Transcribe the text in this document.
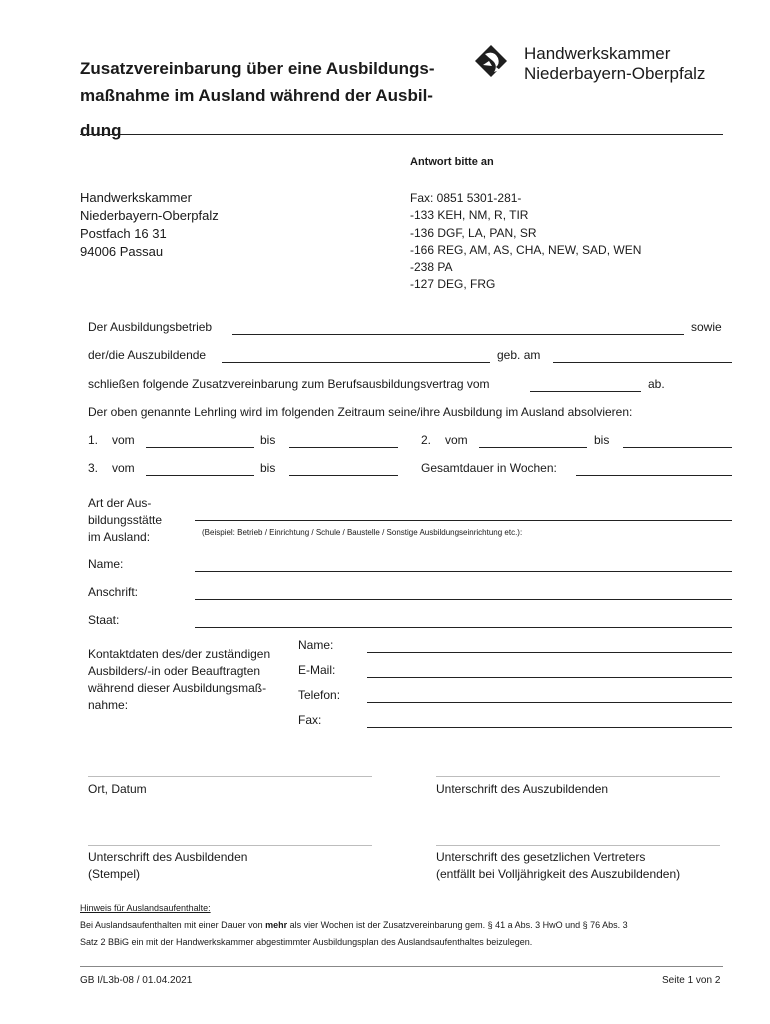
Zusatzvereinbarung über eine Ausbildungs-
maßnahme im Ausland während der Ausbil-
dung
Handwerkskammer
Niederbayern-Oberpfalz
Antwort bitte an
Handwerkskammer
Niederbayern-Oberpfalz
Postfach 16 31
94006 Passau
Fax: 0851 5301-281-
-133 KEH, NM, R, TIR
-136 DGF, LA, PAN, SR
-166 REG, AM, AS, CHA, NEW, SAD, WEN
-238 PA
-127 DEG, FRG
Der Ausbildungsbetrieb	sowie
der/die Auszubildende	geb. am
schließen folgende Zusatzvereinbarung zum Berufsausbildungsvertrag vom	ab.
Der oben genannte Lehrling wird im folgenden Zeitraum seine/ihre Ausbildung im Ausland absolvieren:
1. vom	bis	2. vom	bis
3. vom	bis	Gesamtdauer in Wochen:
Art der Aus-
bildungsstätte
im Ausland:	(Beispiel: Betrieb / Einrichtung / Schule / Baustelle / Sonstige Ausbildungseinrichtung etc.):
Name:
Anschrift:
Staat:
Kontaktdaten des/der zuständigen
Ausbilders/-in oder Beauftragten
während dieser Ausbildungsmaß-
nahme:
Name:
E-Mail:
Telefon:
Fax:
Ort, Datum	Unterschrift des Auszubildenden
Unterschrift des Ausbildenden
(Stempel)
Unterschrift des gesetzlichen Vertreters
(entfällt bei Volljährigkeit des Auszubildenden)
Hinweis für Auslandsaufenthalte:
Bei Auslandsaufenthalten mit einer Dauer von mehr als vier Wochen ist der Zusatzvereinbarung gem. § 41 a Abs. 3 HwO und § 76 Abs. 3
Satz 2 BBiG ein mit der Handwerkskammer abgestimmter Ausbildungsplan des Auslandsaufenthaltes beizulegen.
GB I/L3b-08 / 01.04.2021	Seite 1 von 2
